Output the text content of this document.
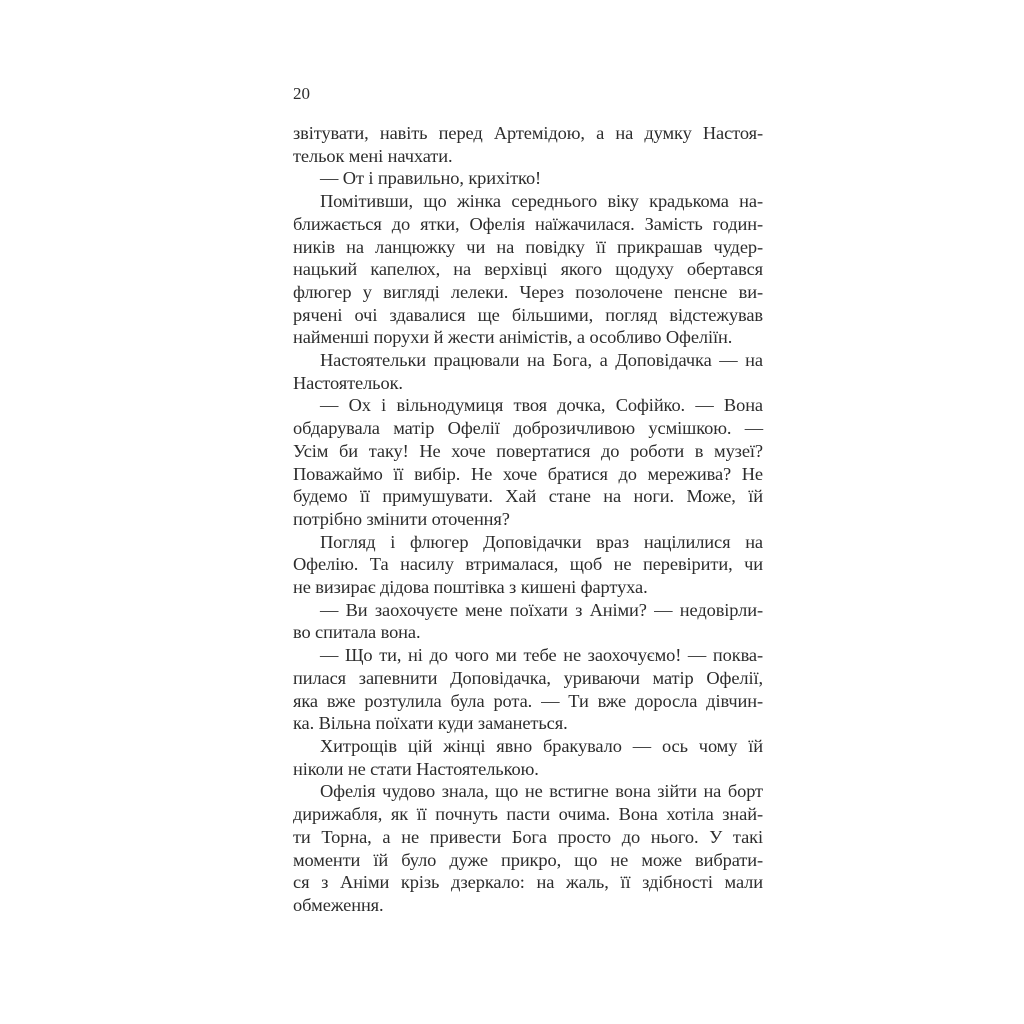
20
звітувати, навіть перед Артемідою, а на думку Настоя-
тельок мені начхати.
— От і правильно, крихітко!
Помітивши, що жінка середнього віку крадькома на-
ближається до ятки, Офелія наїжачилася. Замість годин-
ників на ланцюжку чи на повідку її прикрашав чудер-
нацький капелюх, на верхівці якого щодуху обертався
флюгер у вигляді лелеки. Через позолочене пенсне ви-
рячені очі здавалися ще більшими, погляд відстежував
найменші порухи й жести анімістів, а особливо Офеліїн.
Настоятельки працювали на Бога, а Доповідачка — на
Настоятельок.
— Ох і вільнодумиця твоя дочка, Софійко. — Вона
обдарувала матір Офелії доброзичливою усмішкою. —
Усім би таку! Не хоче повертатися до роботи в музеї?
Поважаймо її вибір. Не хоче братися до мережива? Не
будемо її примушувати. Хай стане на ноги. Може, їй
потрібно змінити оточення?
Погляд і флюгер Доповідачки враз націлилися на
Офелію. Та насилу втрималася, щоб не перевірити, чи
не визирає дідова поштівка з кишені фартуха.
— Ви заохочуєте мене поїхати з Аніми? — недовірли-
во спитала вона.
— Що ти, ні до чого ми тебе не заохочуємо! — поква-
пилася запевнити Доповідачка, уриваючи матір Офелії,
яка вже розтулила була рота. — Ти вже доросла дівчин-
ка. Вільна поїхати куди заманеться.
Хитрощів цій жінці явно бракувало — ось чому їй
ніколи не стати Настоятелькою.
Офелія чудово знала, що не встигне вона зійти на борт
дирижабля, як її почнуть пасти очима. Вона хотіла знай-
ти Торна, а не привести Бога просто до нього. У такі
моменти їй було дуже прикро, що не може вибрати-
ся з Аніми крізь дзеркало: на жаль, її здібності мали
обмеження.
